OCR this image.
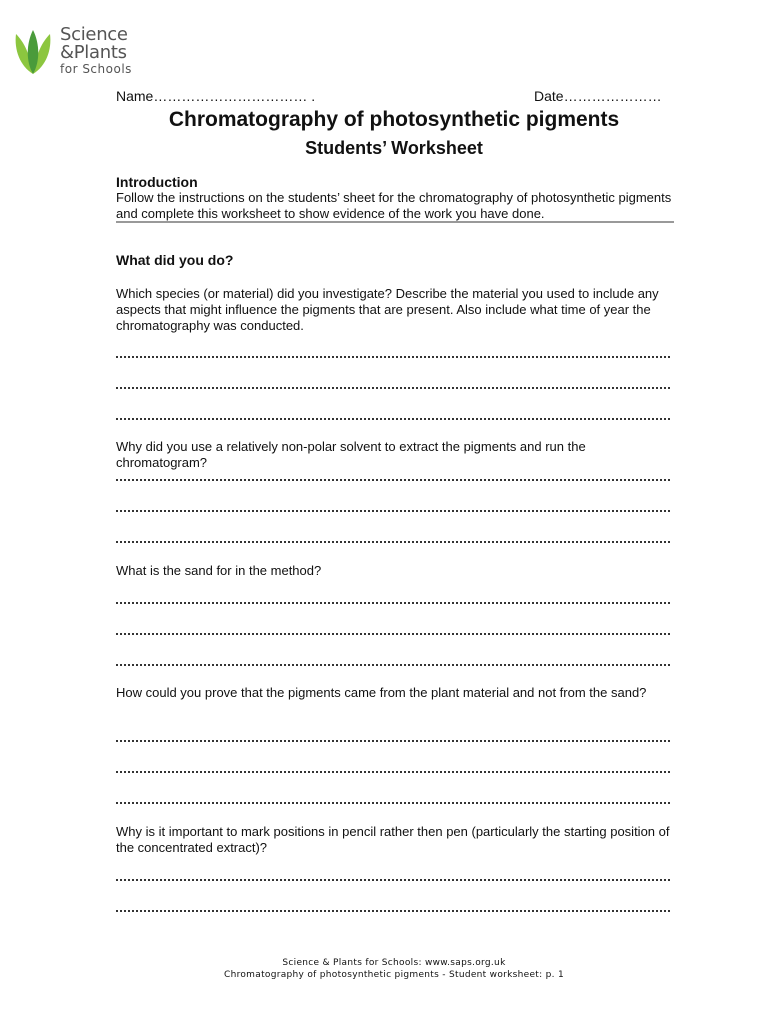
Science
&Plants
for Schools
Name…………………………… .	Date…………………
Chromatography of photosynthetic pigments
Students’ Worksheet
Introduction
Follow the instructions on the students’ sheet for the chromatography of photosynthetic pigments and complete this worksheet to show evidence of the work you have done.
What did you do?
Which species (or material) did you investigate? Describe the material you used to include any aspects that might influence the pigments that are present. Also include what time of year the chromatography was conducted.
Why did you use a relatively non-polar solvent to extract the pigments and run the chromatogram?
What is the sand for in the method?
How could you prove that the pigments came from the plant material and not from the sand?
Why is it important to mark positions in pencil rather then pen (particularly the starting position of the concentrated extract)?
Science & Plants for Schools: www.saps.org.uk
Chromatography of photosynthetic pigments - Student worksheet: p. 1
